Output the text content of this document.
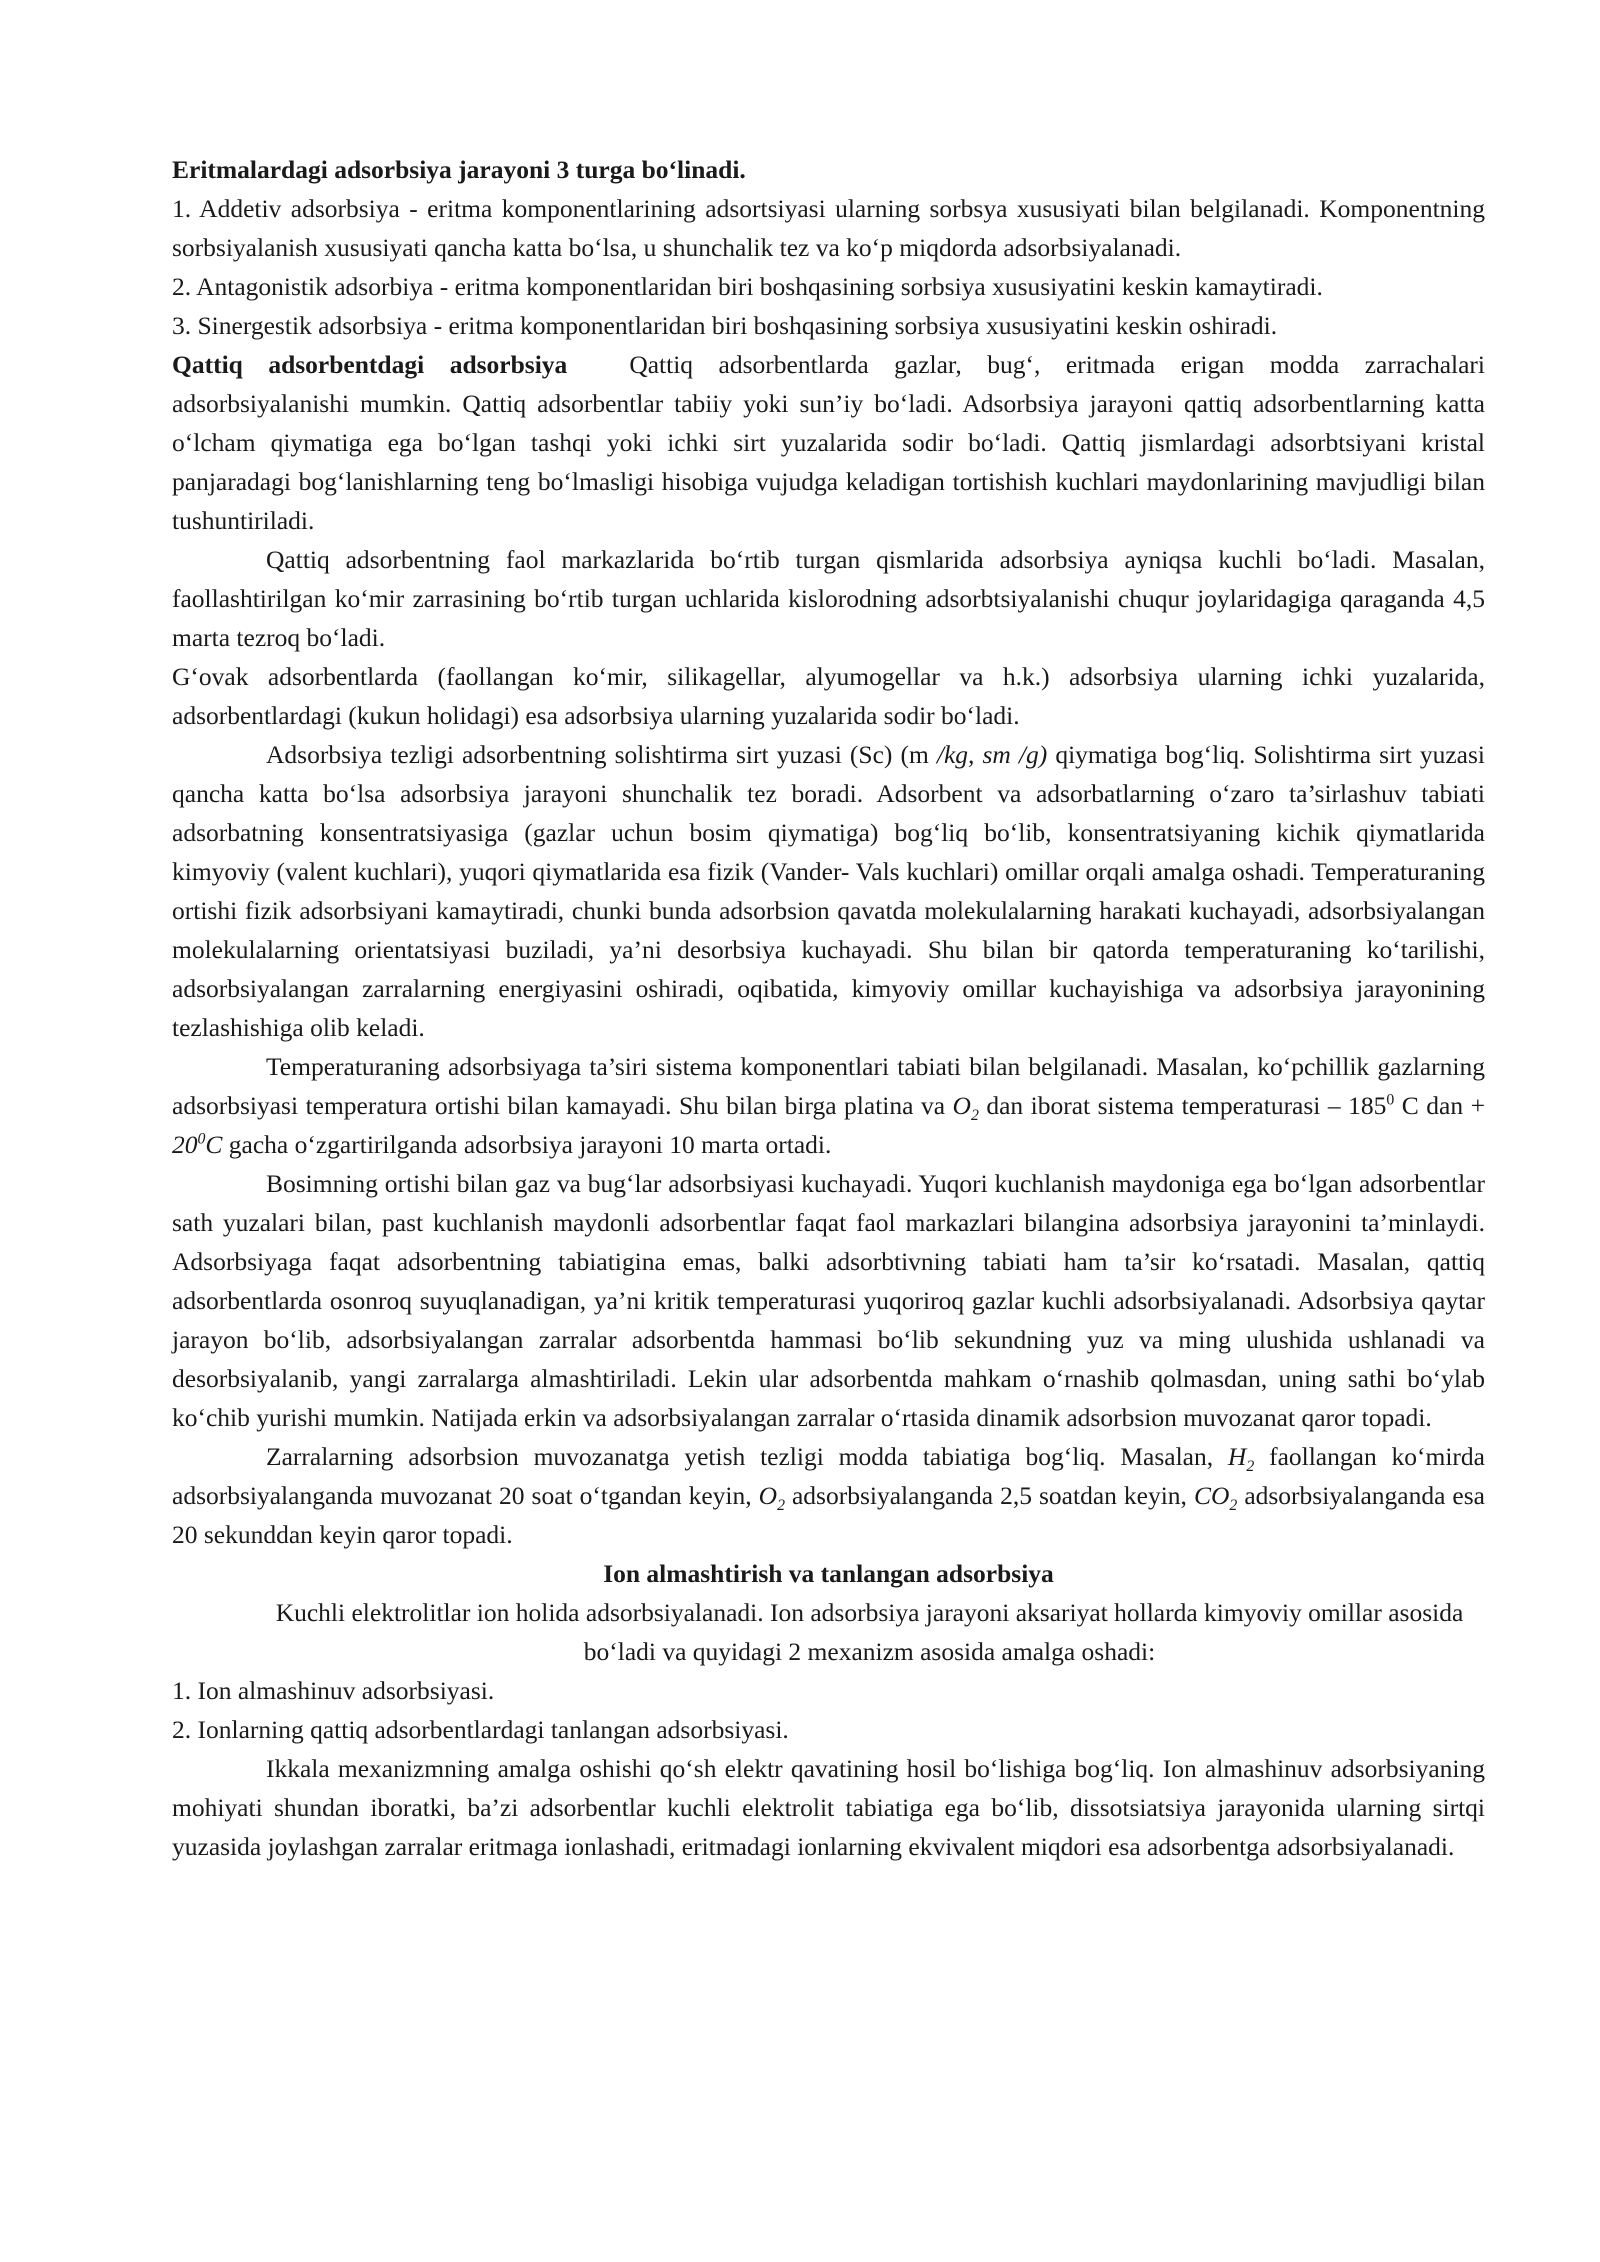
Eritmalardagi adsorbsiya jarayoni 3 turga bo‘linadi.

1. Addetiv adsorbsiya - eritma komponentlarining adsortsiyasi ularning sorbsya xususiyati bilan belgilanadi. Komponentning sorbsiyalanish xususiyati qancha katta bo‘lsa, u shunchalik tez va ko‘p miqdorda adsorbsiyalanadi.

2. Antagonistik adsorbiya - eritma komponentlaridan biri boshqasining sorbsiya xususiyatini keskin kamaytiradi.

3. Sinergestik adsorbsiya - eritma komponentlaridan biri boshqasining sorbsiya xususiyatini keskin oshiradi.

Qattiq adsorbentdagi adsorbsiya Qattiq adsorbentlarda gazlar, bug‘, eritmada erigan modda zarrachalari adsorbsiyalanishi mumkin. Qattiq adsorbentlar tabiiy yoki sun’iy bo‘ladi. Adsorbsiya jarayoni qattiq adsorbentlarning katta o‘lcham qiymatiga ega bo‘lgan tashqi yoki ichki sirt yuzalarida sodir bo‘ladi. Qattiq jismlardagi adsorbtsiyani kristal panjaradagi bog‘lanishlarning teng bo‘lmasligi hisobiga vujudga keladigan tortishish kuchlari maydonlarining mavjudligi bilan tushuntiriladi.

Qattiq adsorbentning faol markazlarida bo‘rtib turgan qismlarida adsorbsiya ayniqsa kuchli bo‘ladi. Masalan, faollashtirilgan ko‘mir zarrasining bo‘rtib turgan uchlarida kislorodning adsorbtsiyalanishi chuqur joylaridagiga qaraganda 4,5 marta tezroq bo‘ladi.

G‘ovak adsorbentlarda (faollangan ko‘mir, silikagellar, alyumogellar va h.k.) adsorbsiya ularning ichki yuzalarida, adsorbentlardagi (kukun holidagi) esa adsorbsiya ularning yuzalarida sodir bo‘ladi.

Adsorbsiya tezligi adsorbentning solishtirma sirt yuzasi (Sc) (m /kg, sm /g) qiymatiga bog‘liq. Solishtirma sirt yuzasi qancha katta bo‘lsa adsorbsiya jarayoni shunchalik tez boradi. Adsorbent va adsorbatlarning o‘zaro ta’sirlashuv tabiati adsorbatning konsentratsiyasiga (gazlar uchun bosim qiymatiga) bog‘liq bo‘lib, konsentratsiyaning kichik qiymatlarida kimyoviy (valent kuchlari), yuqori qiymatlarida esa fizik (Vander- Vals kuchlari) omillar orqali amalga oshadi. Temperaturaning ortishi fizik adsorbsiyani kamaytiradi, chunki bunda adsorbsion qavatda molekulalarning harakati kuchayadi, adsorbsiyalangan molekulalarning orientatsiyasi buziladi, ya’ni desorbsiya kuchayadi. Shu bilan bir qatorda temperaturaning ko‘tarilishi, adsorbsiyalangan zarralarning energiyasini oshiradi, oqibatida, kimyoviy omillar kuchayishiga va adsorbsiya jarayonining tezlashishiga olib keladi.

Temperaturaning adsorbsiyaga ta’siri sistema komponentlari tabiati bilan belgilanadi. Masalan, ko‘pchillik gazlarning adsorbsiyasi temperatura ortishi bilan kamayadi. Shu bilan birga platina va $O_2$ dan iborat sistema temperaturasi – $185^0$ C dan + $20^0C$ gacha o‘zgartirilganda adsorbsiya jarayoni 10 marta ortadi.

Bosimning ortishi bilan gaz va bug‘lar adsorbsiyasi kuchayadi. Yuqori kuchlanish maydoniga ega bo‘lgan adsorbentlar sath yuzalari bilan, past kuchlanish maydonli adsorbentlar faqat faol markazlari bilangina adsorbsiya jarayonini ta’minlaydi. Adsorbsiyaga faqat adsorbentning tabiatigina emas, balki adsorbtivning tabiati ham ta’sir ko‘rsatadi. Masalan, qattiq adsorbentlarda osonroq suyuqlanadigan, ya’ni kritik temperaturasi yuqoriroq gazlar kuchli adsorbsiyalanadi. Adsorbsiya qaytar jarayon bo‘lib, adsorbsiyalangan zarralar adsorbentda hammasi bo‘lib sekundning yuz va ming ulushida ushlanadi va desorbsiyalanib, yangi zarralarga almashtiriladi. Lekin ular adsorbentda mahkam o‘rnashib qolmasdan, uning sathi bo‘ylab ko‘chib yurishi mumkin. Natijada erkin va adsorbsiyalangan zarralar o‘rtasida dinamik adsorbsion muvozanat qaror topadi.

Zarralarning adsorbsion muvozanatga yetish tezligi modda tabiatiga bog‘liq. Masalan, $H_2$ faollangan ko‘mirda adsorbsiyalanganda muvozanat 20 soat o‘tgandan keyin, $O_2$ adsorbsiyalanganda 2,5 soatdan keyin, $CO_2$ adsorbsiyalanganda esa 20 sekunddan keyin qaror topadi.

Ion almashtirish va tanlangan adsorbsiya

Kuchli elektrolitlar ion holida adsorbsiyalanadi. Ion adsorbsiya jarayoni aksariyat hollarda kimyoviy omillar asosida bo‘ladi va quyidagi 2 mexanizm asosida amalga oshadi:

1. Ion almashinuv adsorbsiyasi.

2. Ionlarning qattiq adsorbentlardagi tanlangan adsorbsiyasi.

Ikkala mexanizmning amalga oshishi qo‘sh elektr qavatining hosil bo‘lishiga bog‘liq. Ion almashinuv adsorbsiyaning mohiyati shundan iboratki, ba’zi adsorbentlar kuchli elektrolit tabiatiga ega bo‘lib, dissotsiatsiya jarayonida ularning sirtqi yuzasida joylashgan zarralar eritmaga ionlashadi, eritmadagi ionlarning ekvivalent miqdori esa adsorbentga adsorbsiyalanadi.
